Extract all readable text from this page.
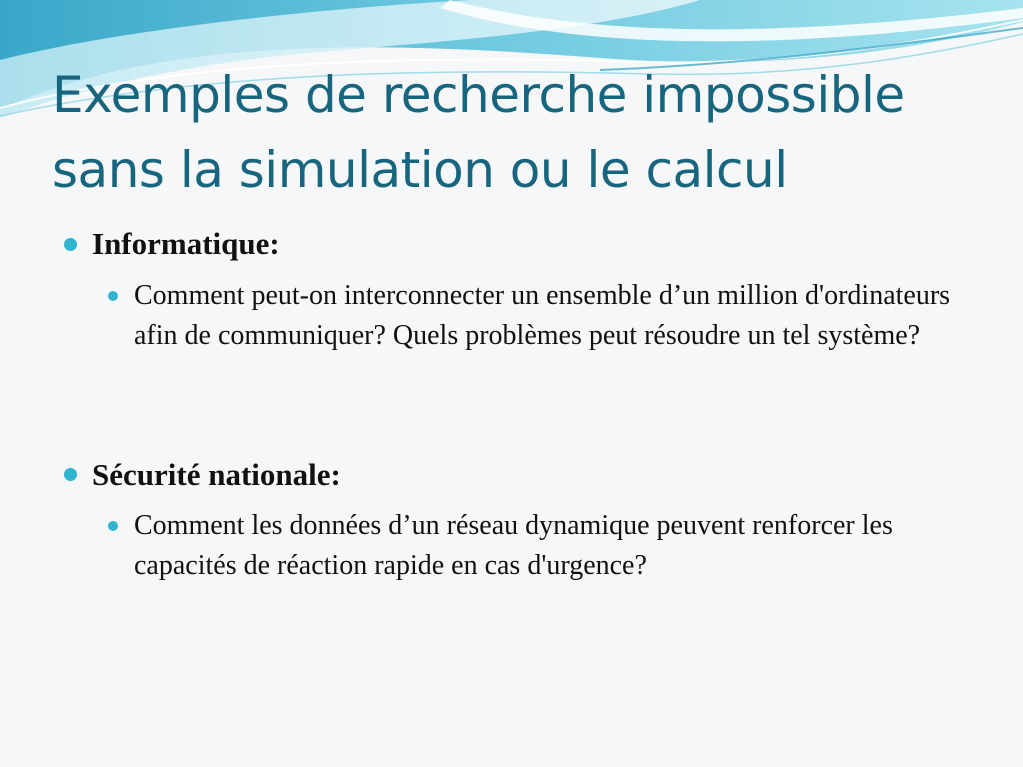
Exemples de recherche impossible sans la simulation ou le calcul
Informatique:
Comment peut-on interconnecter un ensemble d’un million d'ordinateurs afin de communiquer? Quels problèmes peut résoudre un tel système?
Sécurité nationale:
Comment les données d’un réseau dynamique peuvent renforcer les capacités de réaction rapide en cas d'urgence?
